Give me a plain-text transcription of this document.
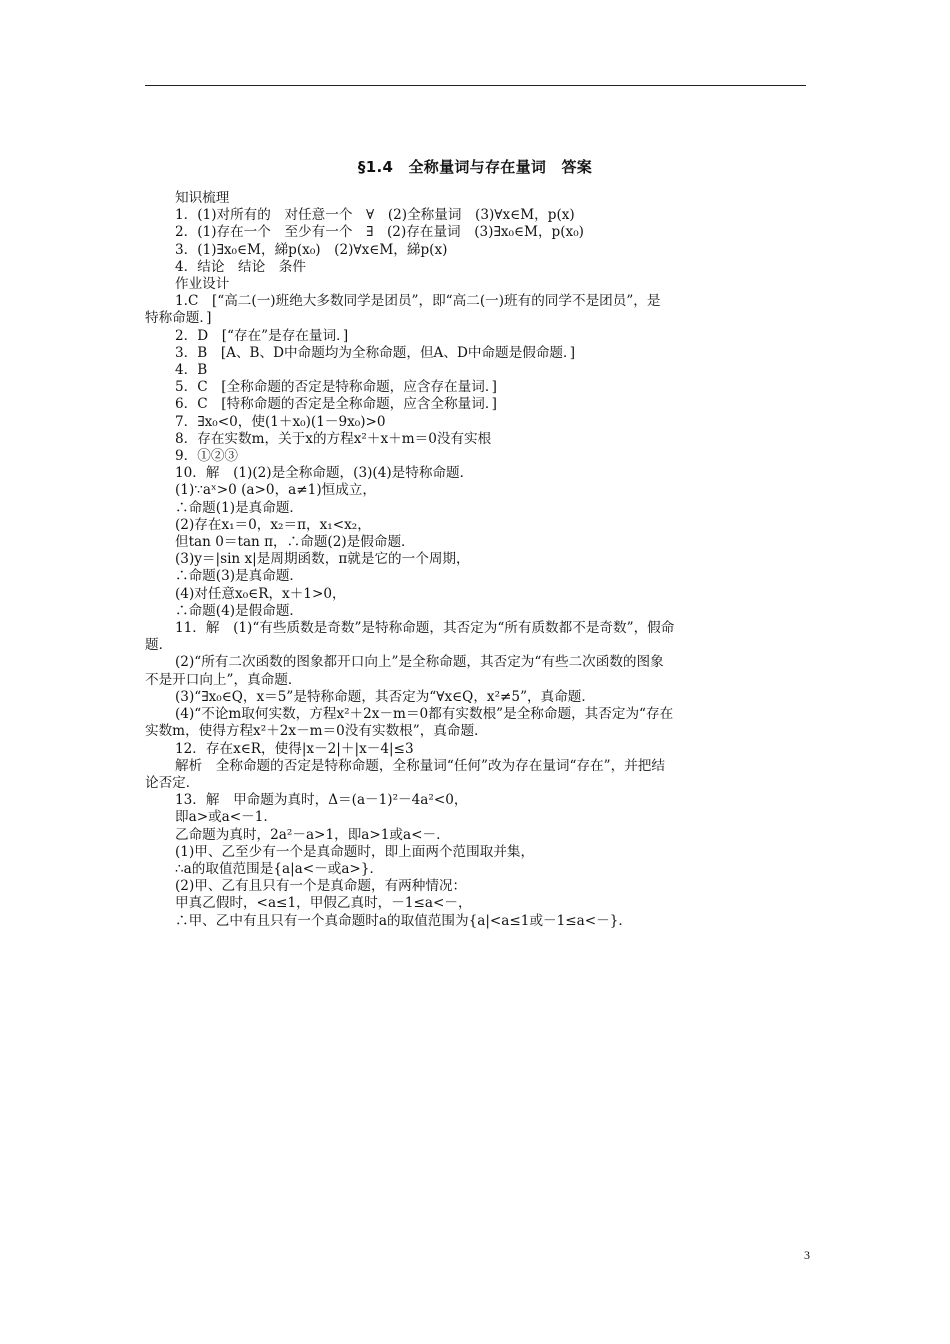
§1.4　全称量词与存在量词　答案
知识梳理
1．(1)对所有的　对任意一个　∀　(2)全称量词　(3)∀x∈M，p(x)
2．(1)存在一个　至少有一个　∃　(2)存在量词　(3)∃x₀∈M，p(x₀)
3．(1)∃x₀∈M，綈p(x₀)　(2)∀x∈M，綈p(x)
4．结论　结论　条件
作业设计
1.C　[“高二(一)班绝大多数同学是团员”，即“高二(一)班有的同学不是团员”，是
特称命题．]
2．D　[“存在”是存在量词．]
3．B　[A、B、D中命题均为全称命题，但A、D中命题是假命题．]
4．B
5．C　[全称命题的否定是特称命题，应含存在量词．]
6．C　[特称命题的否定是全称命题，应含全称量词．]
7．∃x₀<0，使(1＋x₀)(1－9x₀)>0
8．存在实数m，关于x的方程x²＋x＋m＝0没有实根
9．①②③
10．解　(1)(2)是全称命题，(3)(4)是特称命题．
(1)∵aˣ>0 (a>0，a≠1)恒成立，
∴命题(1)是真命题．
(2)存在x₁＝0，x₂＝π，x₁<x₂，
但tan 0＝tan π，∴命题(2)是假命题．
(3)y＝|sin x|是周期函数，π就是它的一个周期，
∴命题(3)是真命题．
(4)对任意x₀∈R，x＋1>0，
∴命题(4)是假命题．
11．解　(1)“有些质数是奇数”是特称命题，其否定为“所有质数都不是奇数”，假命
题．
(2)“所有二次函数的图象都开口向上”是全称命题，其否定为“有些二次函数的图象
不是开口向上”，真命题．
(3)“∃x₀∈Q，x＝5”是特称命题，其否定为“∀x∈Q，x²≠5”，真命题．
(4)“不论m取何实数，方程x²＋2x－m＝0都有实数根”是全称命题，其否定为“存在
实数m，使得方程x²＋2x－m＝0没有实数根”，真命题．
12．存在x∈R，使得|x－2|＋|x－4|≤3
解析　全称命题的否定是特称命题，全称量词“任何”改为存在量词“存在”，并把结
论否定．
13．解　甲命题为真时，Δ＝(a－1)²－4a²<0，
即a>或a<－1.
乙命题为真时，2a²－a>1，即a>1或a<－.
(1)甲、乙至少有一个是真命题时，即上面两个范围取并集，
∴a的取值范围是{a|a<－或a>}．
(2)甲、乙有且只有一个是真命题，有两种情况：
甲真乙假时，<a≤1，甲假乙真时，－1≤a<－，
∴甲、乙中有且只有一个真命题时a的取值范围为{a|<a≤1或－1≤a<－}．
3
